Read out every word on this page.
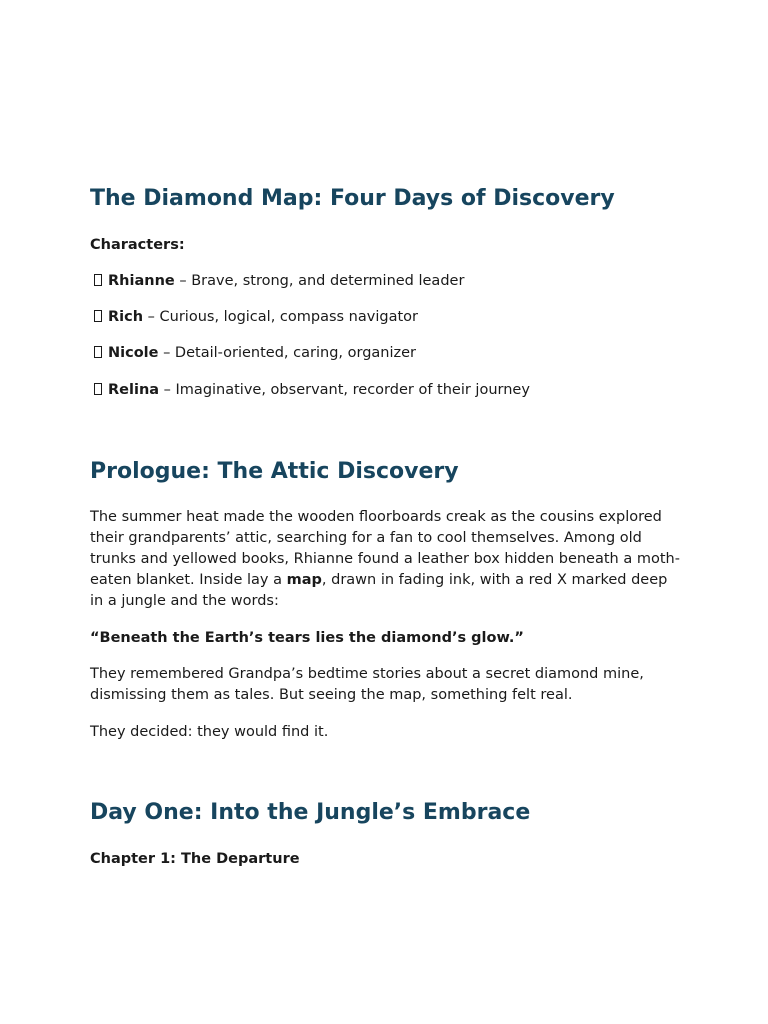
The Diamond Map: Four Days of Discovery
Characters:
Rhianne – Brave, strong, and determined leader
Rich – Curious, logical, compass navigator
Nicole – Detail-oriented, caring, organizer
Relina – Imaginative, observant, recorder of their journey
Prologue: The Attic Discovery
The summer heat made the wooden floorboards creak as the cousins explored their grandparents’ attic, searching for a fan to cool themselves. Among old trunks and yellowed books, Rhianne found a leather box hidden beneath a moth-eaten blanket. Inside lay a map, drawn in fading ink, with a red X marked deep in a jungle and the words:
“Beneath the Earth’s tears lies the diamond’s glow.”
They remembered Grandpa’s bedtime stories about a secret diamond mine, dismissing them as tales. But seeing the map, something felt real.
They decided: they would find it.
Day One: Into the Jungle’s Embrace
Chapter 1: The Departure
